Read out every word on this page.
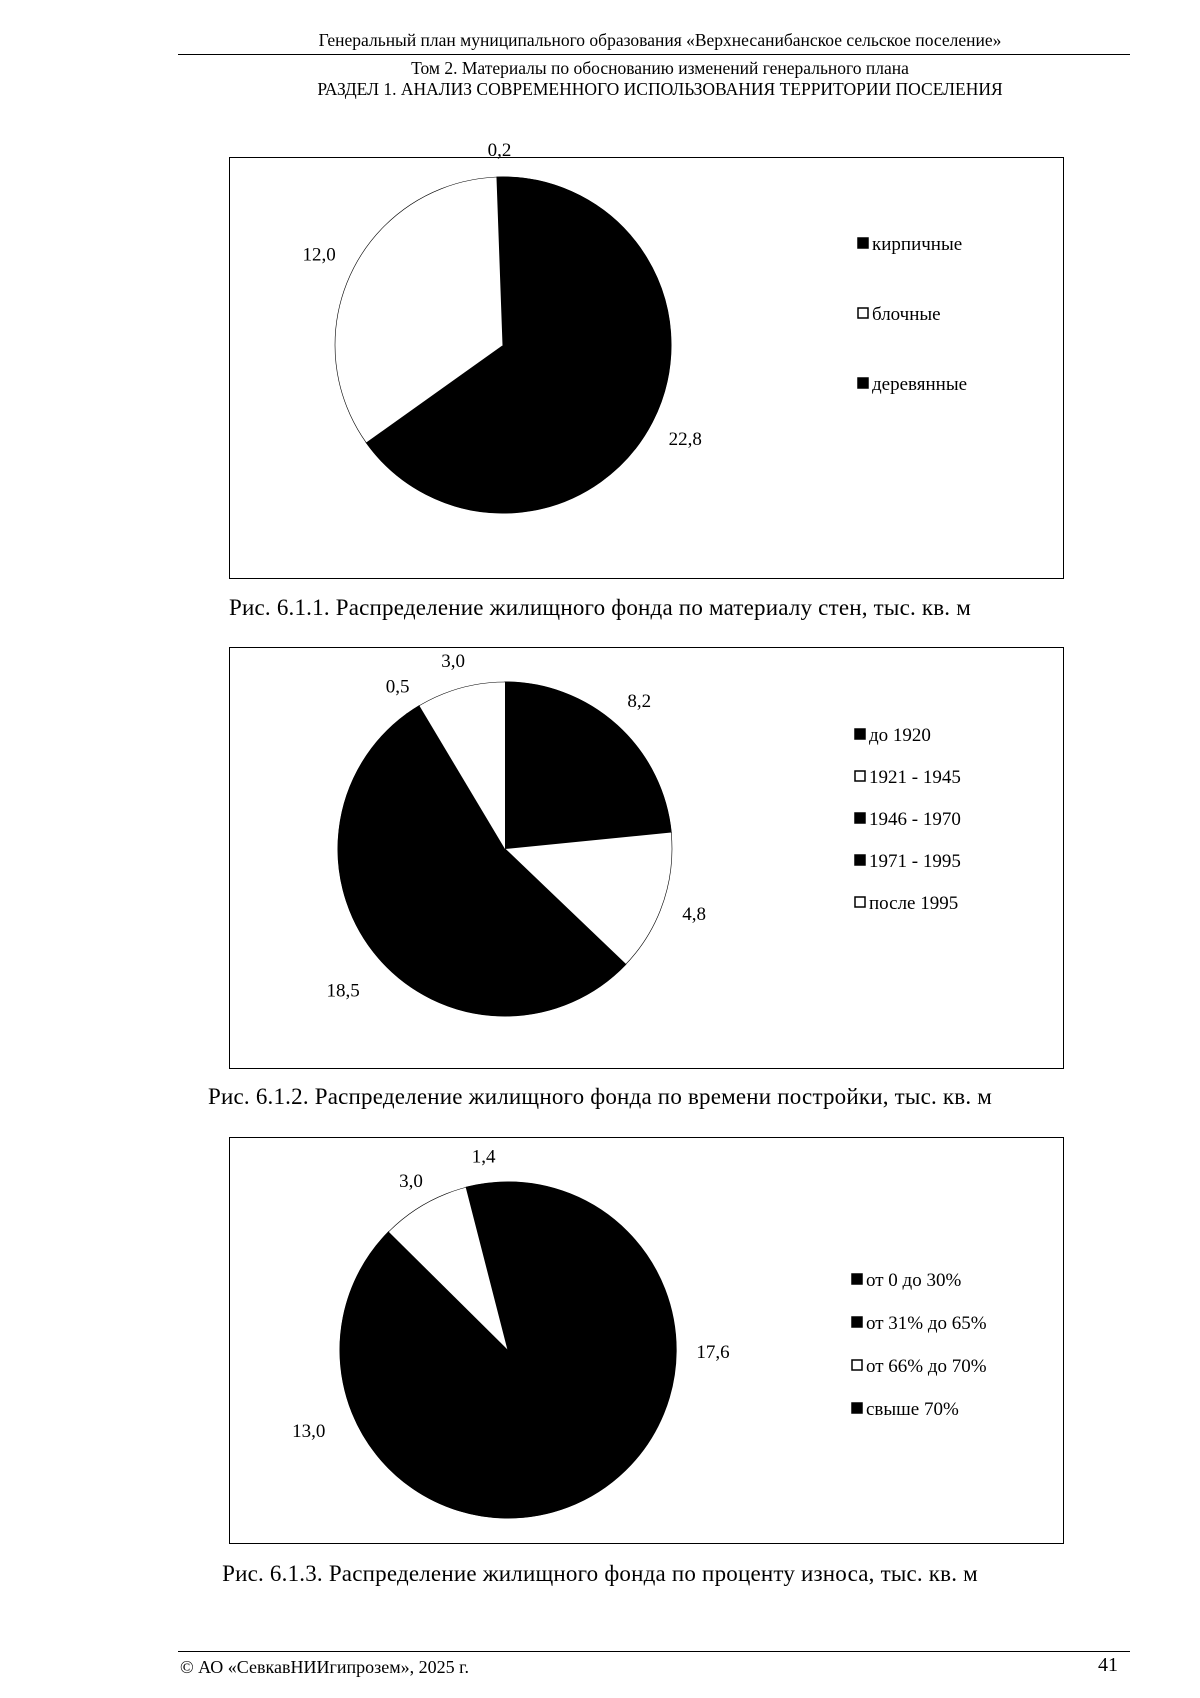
Генеральный план муниципального образования «Верхнесанибанское сельское поселение»
Том 2. Материалы по обоснованию изменений генерального плана
РАЗДЕЛ 1. АНАЛИЗ СОВРЕМЕННОГО ИСПОЛЬЗОВАНИЯ ТЕРРИТОРИИ ПОСЕЛЕНИЯ
22,8
12,0
0,2
кирпичные
блочные
деревянные
Рис. 6.1.1. Распределение жилищного фонда по материалу стен, тыс. кв. м
8,2
4,8
18,5
0,5
3,0
до 1920
1921 - 1945
1946 - 1970
1971 - 1995
после 1995
Рис. 6.1.2. Распределение жилищного фонда по времени постройки, тыс. кв. м
17,6
13,0
3,0
1,4
от 0 до 30%
от 31% до 65%
от 66% до 70%
свыше 70%
Рис. 6.1.3. Распределение жилищного фонда по проценту износа, тыс. кв. м
© АО «СевкавНИИгипрозем», 2025 г.	41
